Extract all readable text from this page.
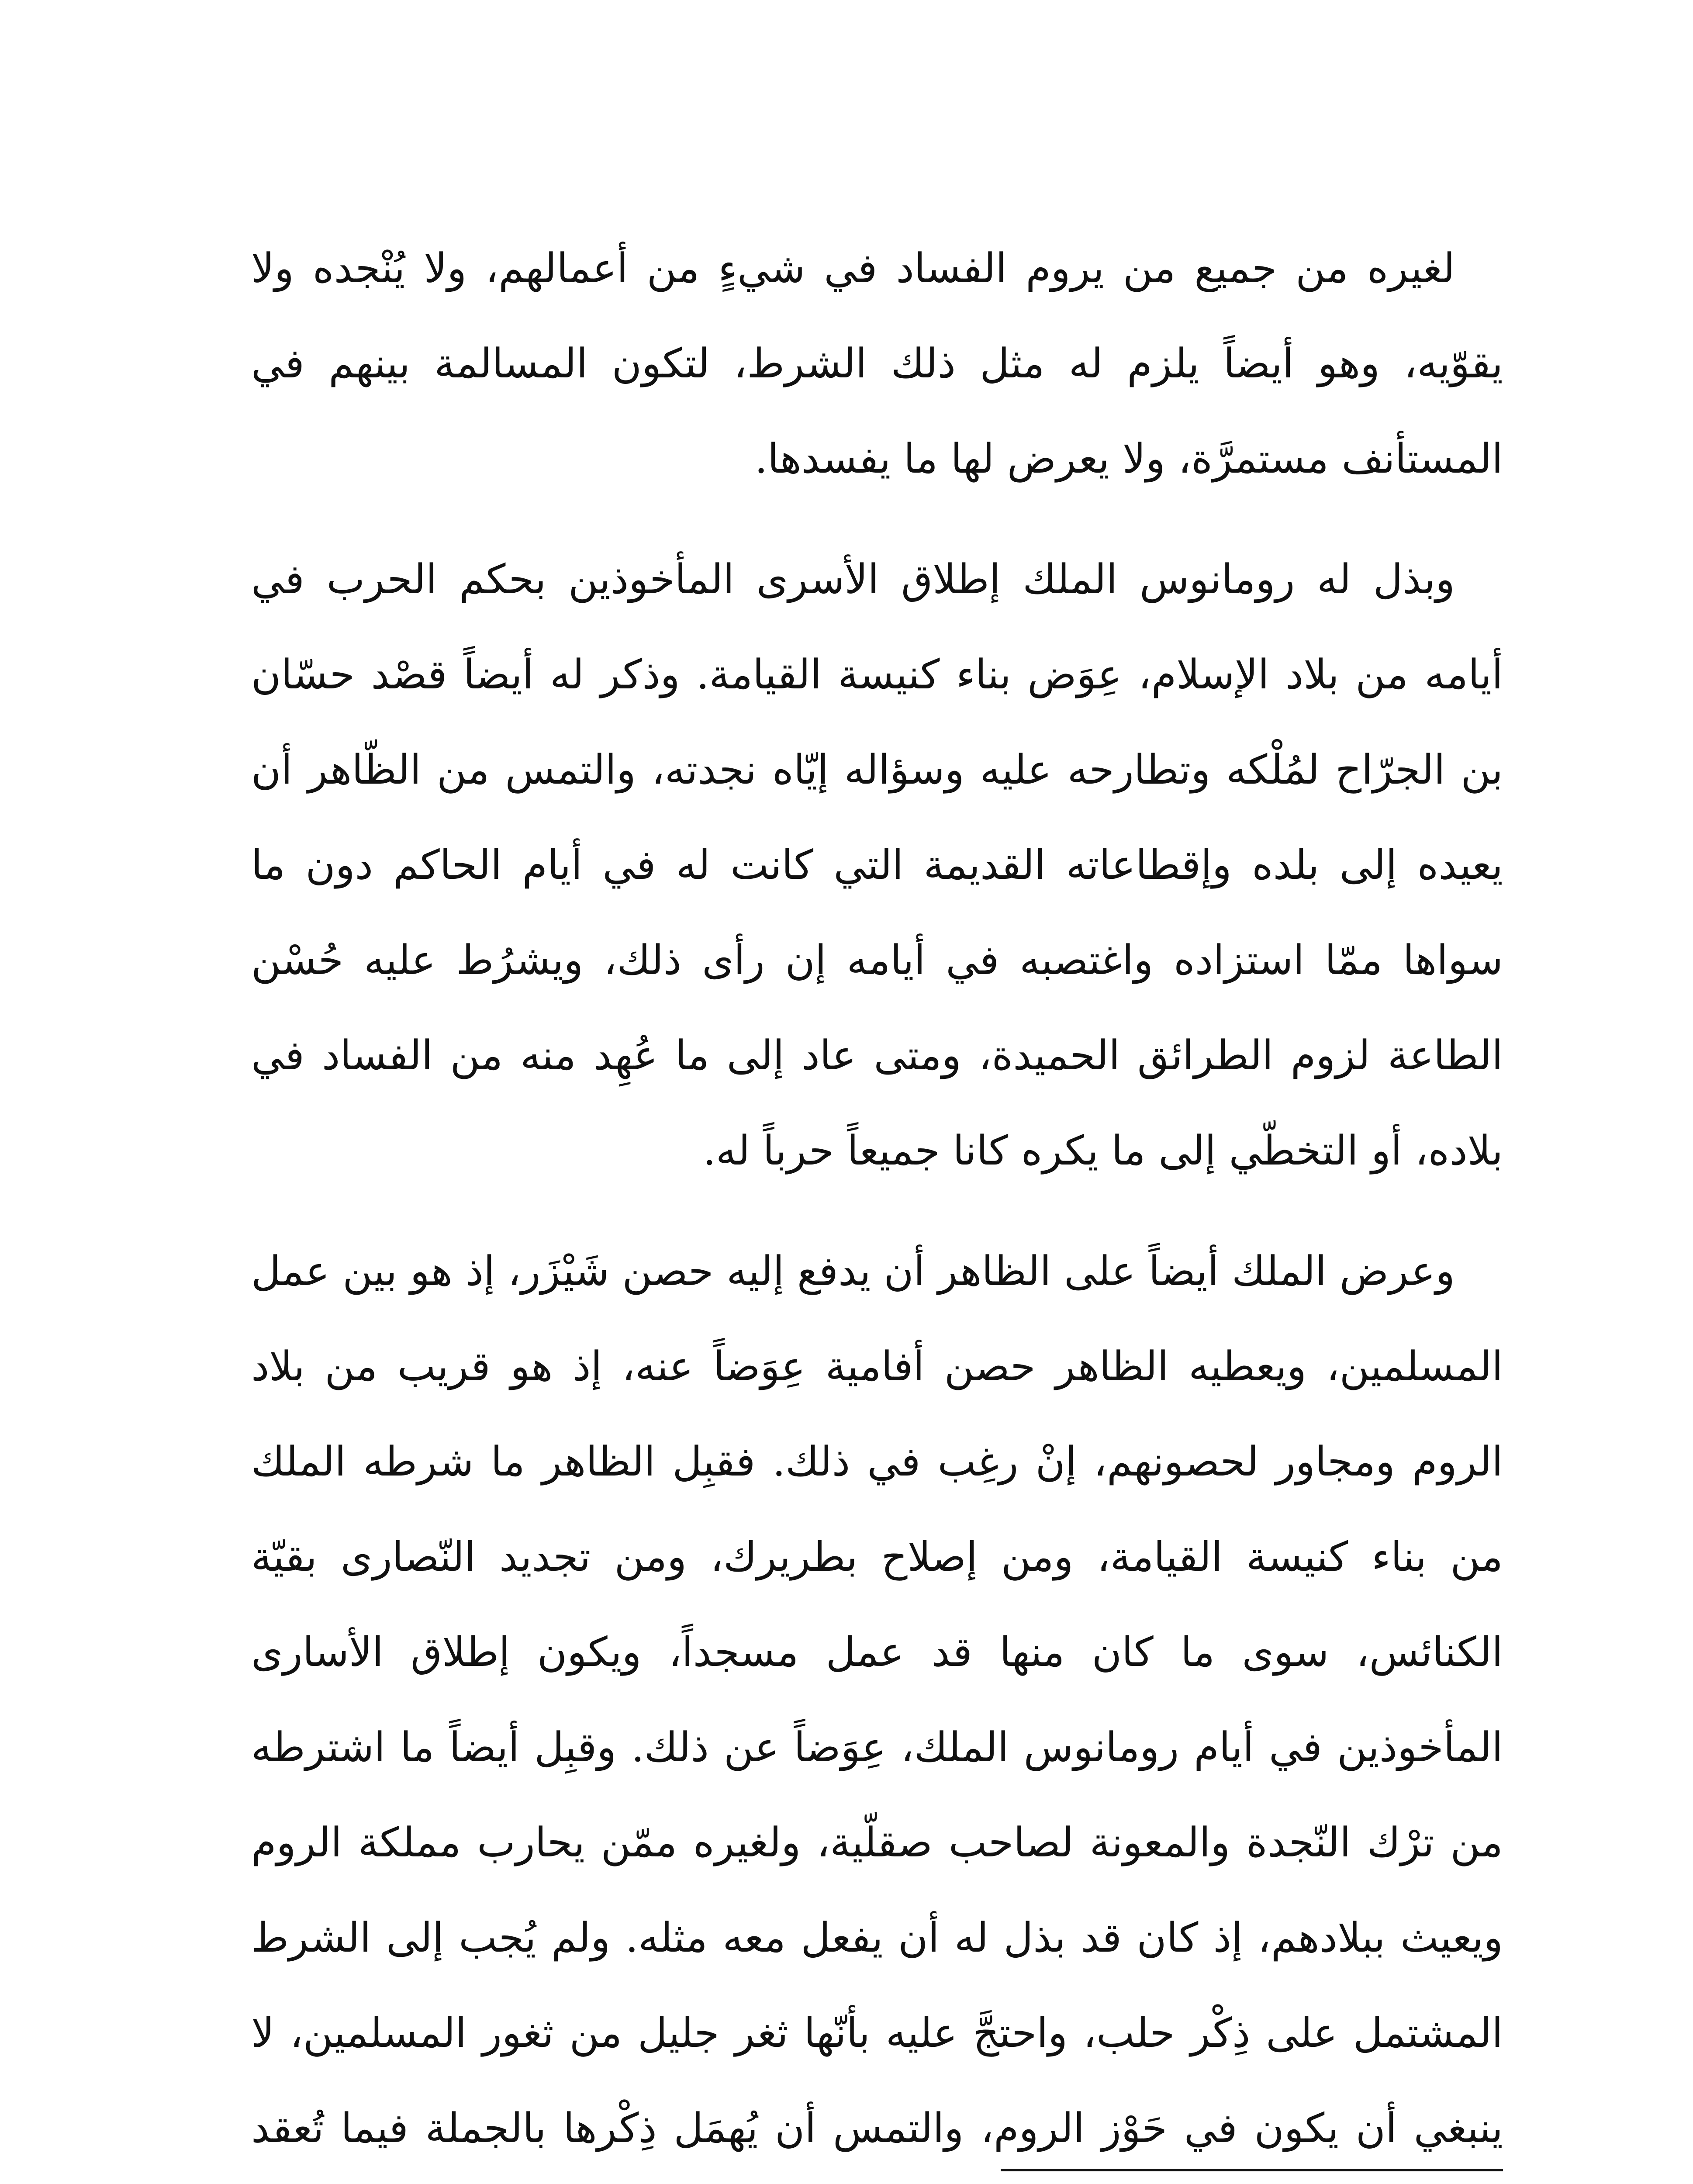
لغيره من جميع من يروم الفساد في شيءٍ من أعمالهم، ولا يُنْجده ولا يقوّيه، وهو أيضاً يلزم له مثل ذلك الشرط، لتكون المسالمة بينهم في المستأنف مستمرَّة، ولا يعرض لها ما يفسدها.

وبذل له رومانوس الملك إطلاق الأسرى المأخوذين بحكم الحرب في أيامه من بلاد الإسلام، عِوَض بناء كنيسة القيامة. وذكر له أيضاً قصْد حسّان بن الجرّاح لمُلْكه وتطارحه عليه وسؤاله إيّاه نجدته، والتمس من الظّاهر أن يعيده إلى بلده وإقطاعاته القديمة التي كانت له في أيام الحاكم دون ما سواها ممّا استزاده واغتصبه في أيامه إن رأى ذلك، ويشرُط عليه حُسْن الطاعة لزوم الطرائق الحميدة، ومتى عاد إلى ما عُهِد منه من الفساد في بلاده، أو التخطّي إلى ما يكره كانا جميعاً حرباً له.

وعرض الملك أيضاً على الظاهر أن يدفع إليه حصن شَيْزَر، إذ هو بين عمل المسلمين، ويعطيه الظاهر حصن أفامية عِوَضاً عنه، إذ هو قريب من بلاد الروم ومجاور لحصونهم، إنْ رغِب في ذلك. فقبِل الظاهر ما شرطه الملك من بناء كنيسة القيامة، ومن إصلاح بطريرك، ومن تجديد النّصارى بقيّة الكنائس، سوى ما كان منها قد عمل مسجداً، ويكون إطلاق الأسارى المأخوذين في أيام رومانوس الملك، عِوَضاً عن ذلك. وقبِل أيضاً ما اشترطه من ترْك النّجدة والمعونة لصاحب صقلّية، ولغيره ممّن يحارب مملكة الروم ويعيث ببلادهم، إذ كان قد بذل له أن يفعل معه مثله. ولم يُجب إلى الشرط المشتمل على ذِكْر حلب، واحتجَّ عليه بأنّها ثغر جليل من ثغور المسلمين، لا ينبغي أن يكون في حَوْز الروم، والتمس أن يُهمَل ذِكْرها بالجملة فيما تُعقد
